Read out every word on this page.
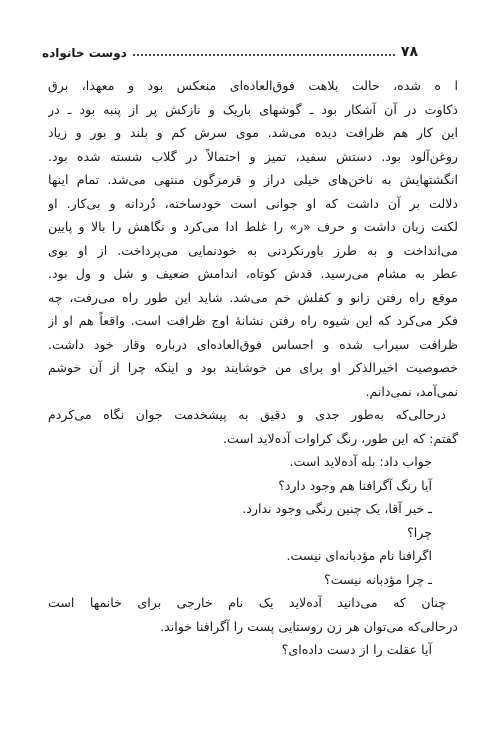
دوست خانواده	۷۸
ا ه شده، حالت بلاهت فوق‌العاده‌ای منعکس بود و معهذا، برق
ذکاوت در آن آشکار بود ـ گوشهای باریک و نازکش پر از پنبه بود ـ در
این کار هم ظرافت دیده می‌شد. موی سرش کم و بلند و بور و زیاد
روغن‌آلود بود. دستش سفید، تمیز و احتمالاً در گلاب شسته شده بود.
انگشتهایش به ناخن‌های خیلی دراز و قرمزگون منتهی می‌شد. تمام اینها
دلالت بر آن داشت که او جوانی است خودساخته، دُردانه و بی‌کار. او
لکنت زبان داشت و حرف «ر» را غلط ادا می‌کرد و نگاهش را بالا و پایین
می‌انداخت و به طرز باورنکردنی به خودنمایی می‌پرداخت. از او بوی
عطر به مشام می‌رسید. قدش کوتاه، اندامش ضعیف و شل و ول بود.
موقع راه رفتن زانو و کفلش خم می‌شد. شاید این طور راه می‌رفت، چه
فکر می‌کرد که این شیوه راه رفتن نشانهٔ اوج ظرافت است. واقعاً هم او از
ظرافت سیراب شده و احساس فوق‌العاده‌ای درباره وقار خود داشت.
خصوصیت اخیرالذکر او برای من خوشایند بود و اینکه چرا از آن خوشم
نمی‌آمد، نمی‌دانم.
درحالی‌که به‌طور جدی و دقیق به پیشخدمت جوان نگاه می‌کردم
گفتم: که این طور، رنگ کراوات آده‌لاید است.
جواب داد: بله آده‌لاید است.
آیا رنگ آگرافنا هم وجود دارد؟
ـ خیر آقا، یک چنین رنگی وجود ندارد.
چرا؟
اگرافنا نام مؤدبانه‌ای نیست.
ـ چرا مؤدبانه نیست؟
چنان که می‌دانید آده‌لاید یک نام خارجی برای خانمها است
درحالی‌که می‌توان هر زن روستایی پست را آگرافنا خواند.
آیا عقلت را از دست داده‌ای؟
